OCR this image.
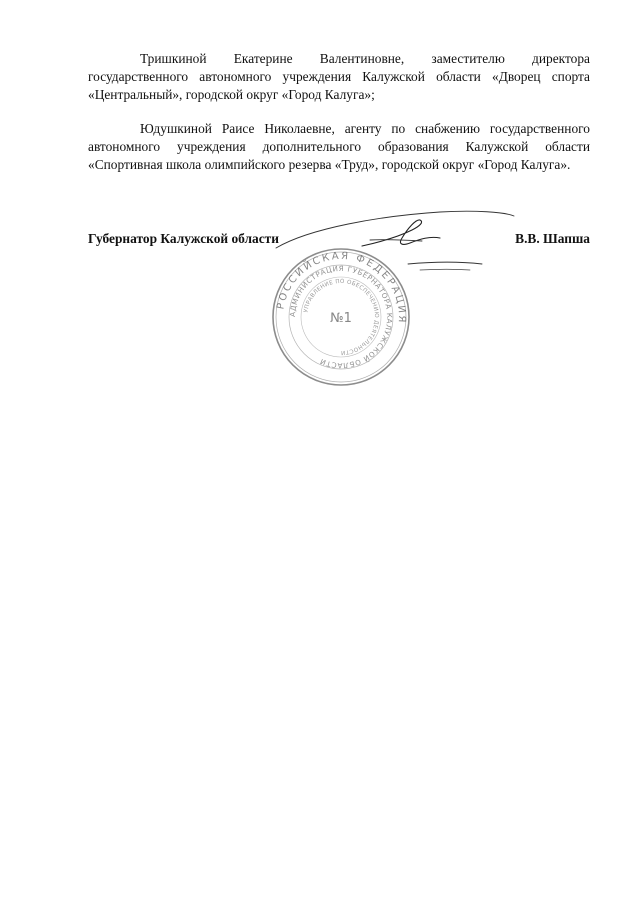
Тришкиной Екатерине Валентиновне, заместителю директора государственного автономного учреждения Калужской области «Дворец спорта «Центральный», городской округ «Город Калуга»;

Юдушкиной Раисе Николаевне, агенту по снабжению государственного автономного учреждения дополнительного образования Калужской области «Спортивная школа олимпийского резерва «Труд», городской округ «Город Калуга».

Губернатор Калужской области	В.В. Шапша

РОССИЙСКАЯ ФЕДЕРАЦИЯ
АДМИНИСТРАЦИЯ ГУБЕРНАТОРА КАЛУЖСКОЙ ОБЛАСТИ
УПРАВЛЕНИЕ ПО ОБЕСПЕЧЕНИЮ ДЕЯТЕЛЬНОСТИ
№1
